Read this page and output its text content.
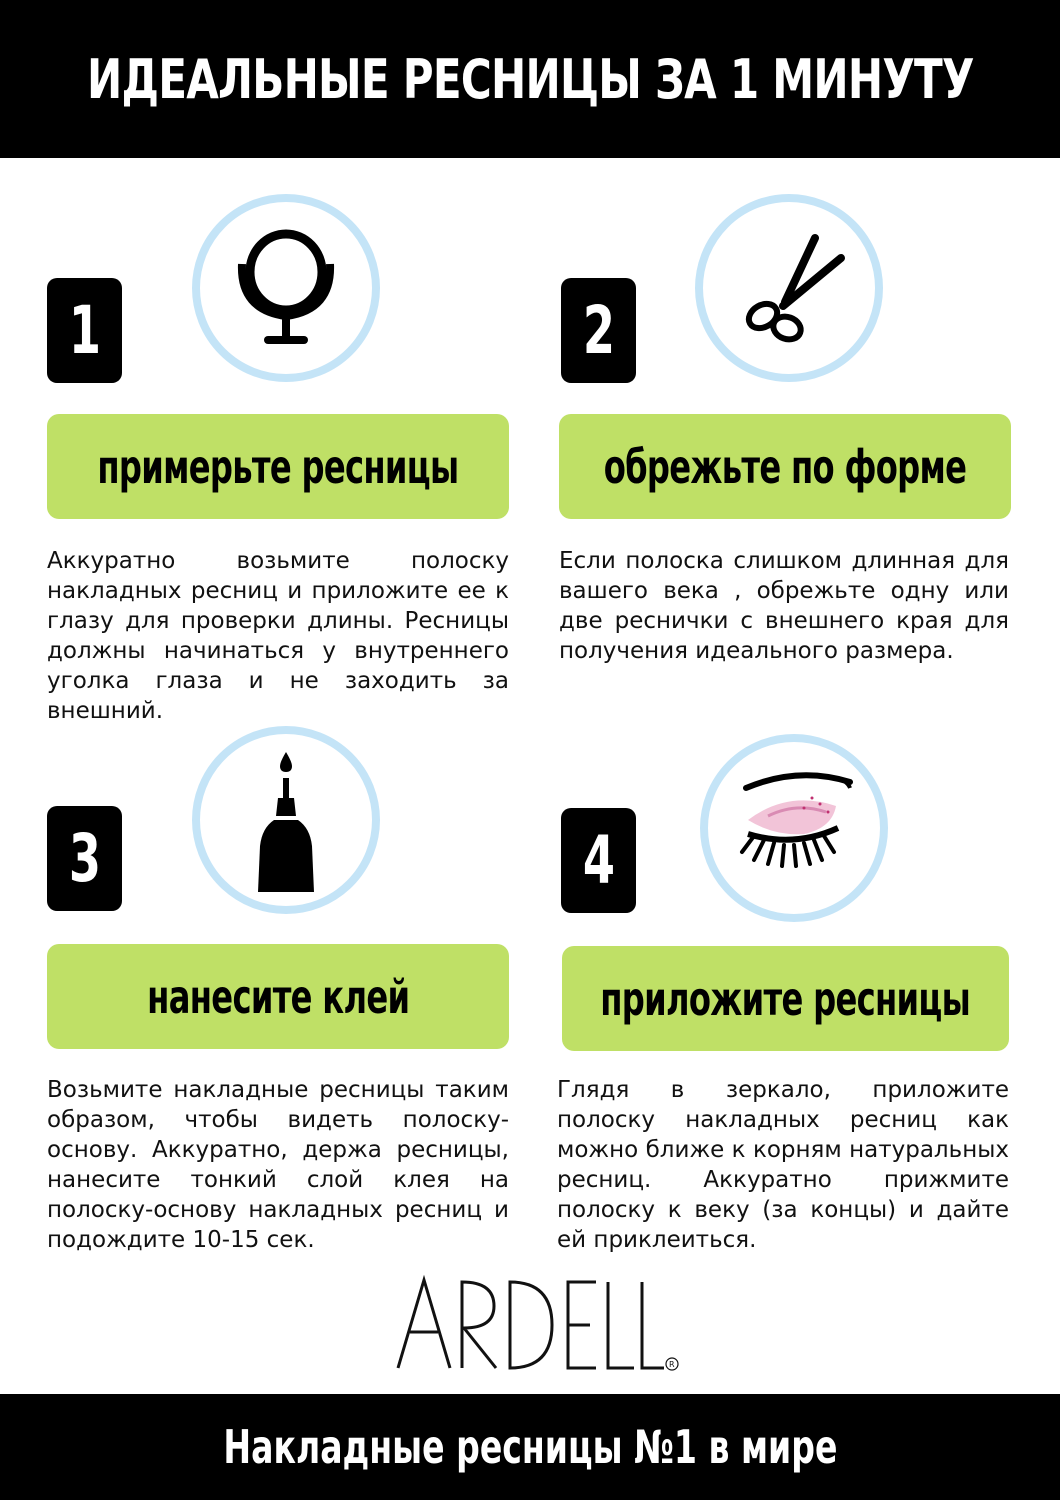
ИДЕАЛЬНЫЕ РЕСНИЦЫ ЗА 1 МИНУТУ
1
примерьте ресницы
Аккуратно возьмите полоску накладных ресниц и приложите ее к глазу для проверки длины. Ресницы должны начинаться у внутреннего уголка глаза и не заходить за внешний.
2
обрежьте по форме
Если полоска слишком длинная для вашего века , обрежьте одну или две реснички с внешнего края для получения идеального размера.
3
нанесите клей
Возьмите накладные ресницы таким образом, чтобы видеть полоску-основу. Аккуратно, держа ресницы, нанесите тонкий слой клея на полоску-основу накладных ресниц и подождите 10-15 сек.
4
приложите ресницы
Глядя в зеркало, приложите полоску накладных ресниц как можно ближе к корням натуральных ресниц. Аккуратно прижмите полоску к веку (за концы) и дайте ей приклеиться.
R
Накладные ресницы №1 в мире
